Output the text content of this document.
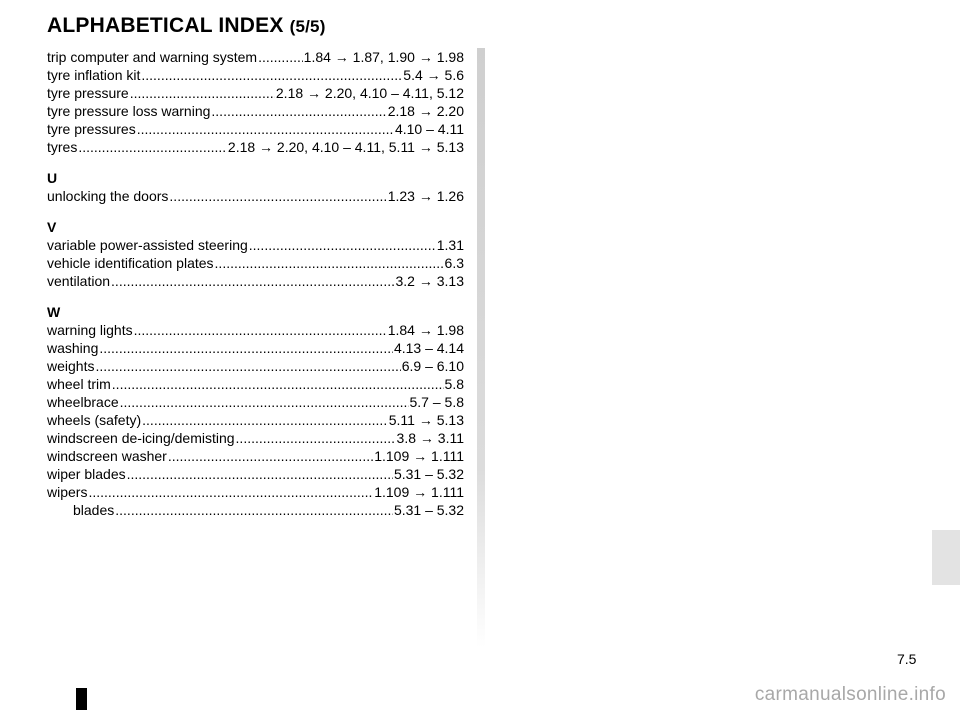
ALPHABETICAL INDEX (5/5)
trip computer and warning system .....	1.84 → 1.87, 1.90 → 1.98
tyre inflation kit .....	5.4 → 5.6
tyre pressure .....	2.18 → 2.20, 4.10 – 4.11, 5.12
tyre pressure loss warning .....	2.18 → 2.20
tyre pressures .....	4.10 – 4.11
tyres .....	2.18 → 2.20, 4.10 – 4.11, 5.11 → 5.13
U
unlocking the doors .....	1.23 → 1.26
V
variable power-assisted steering .....	1.31
vehicle identification plates .....	6.3
ventilation .....	3.2 → 3.13
W
warning lights .....	1.84 → 1.98
washing .....	4.13 – 4.14
weights .....	6.9 – 6.10
wheel trim .....	5.8
wheelbrace .....	5.7 – 5.8
wheels (safety) .....	5.11 → 5.13
windscreen de-icing/demisting .....	3.8 → 3.11
windscreen washer .....	1.109 → 1.111
wiper blades .....	5.31 – 5.32
wipers .....	1.109 → 1.111
blades .....	5.31 – 5.32
7.5
carmanualsonline.info
